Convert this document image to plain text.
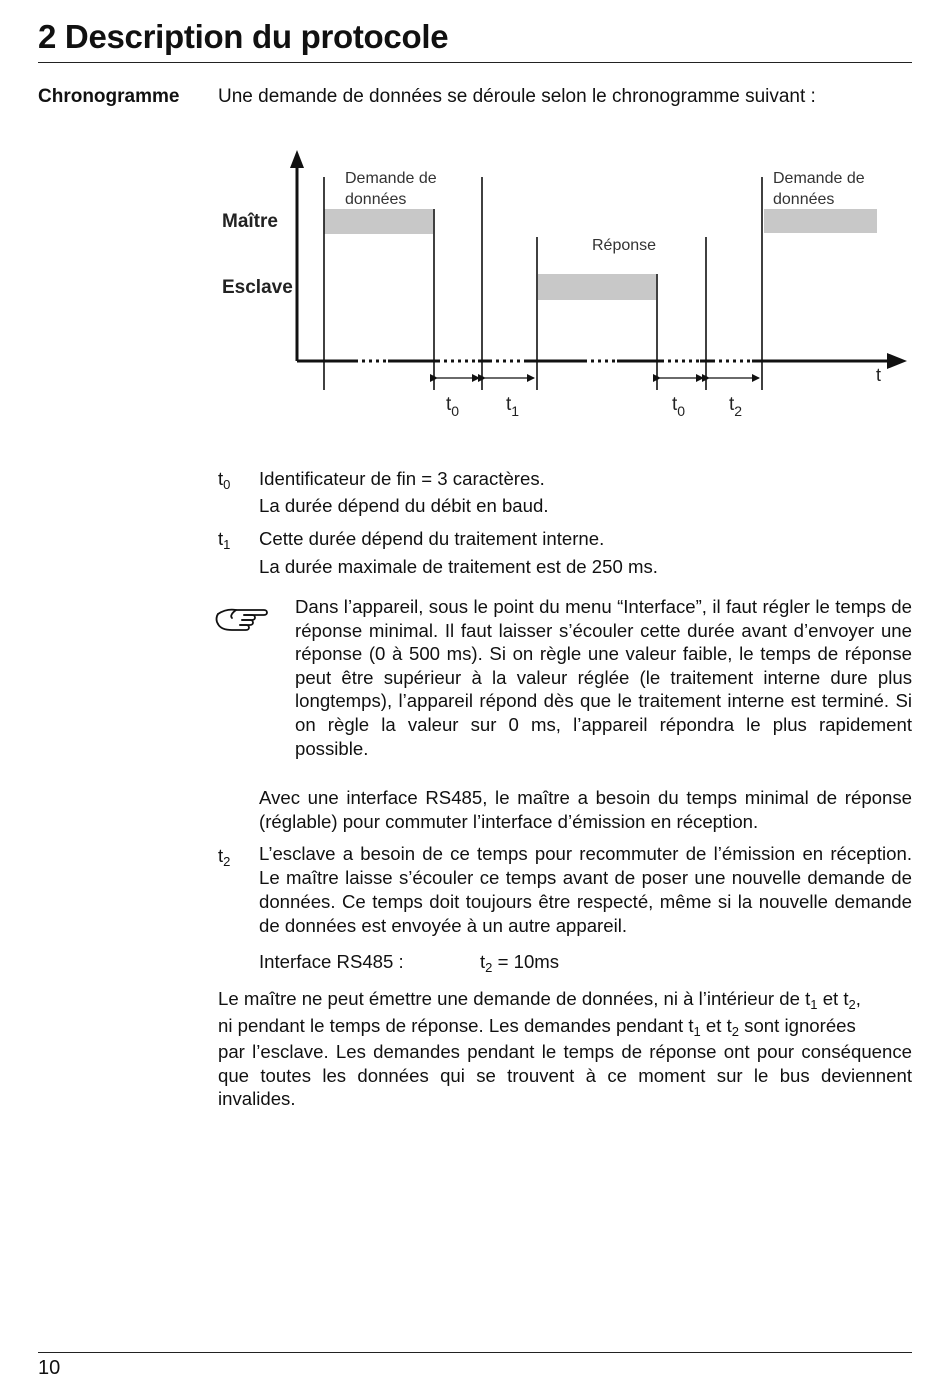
2 Description du protocole
Chronogramme Une demande de données se déroule selon le chronogramme suivant :
Maître
Esclave
Demande de
données
Réponse
Demande de
données
t
$t_0$ $t_1$	$t_0$ $t_2$
$t_0$ Identificateur de fin = 3 caractères.
La durée dépend du débit en baud.
$t_1$ Cette durée dépend du traitement interne.
La durée maximale de traitement est de 250 ms.
Dans l’appareil, sous le point du menu “Interface”, il faut régler le temps de réponse minimal. Il faut laisser s’écouler cette durée avant d’envoyer une réponse (0 à 500 ms). Si on règle une valeur faible, le temps de réponse peut être supérieur à la valeur réglée (le traitement interne dure plus longtemps), l’appareil répond dès que le traitement interne est terminé. Si on règle la valeur sur 0 ms, l’appareil répondra le plus rapidement possible.
Avec une interface RS485, le maître a besoin du temps minimal de réponse (réglable) pour commuter l’interface d’émission en réception.
$t_2$ L’esclave a besoin de ce temps pour recommuter de l’émission en réception. Le maître laisse s’écouler ce temps avant de poser une nouvelle demande de données. Ce temps doit toujours être respecté, même si la nouvelle demande de données est envoyée à un autre appareil.
Interface RS485 :	$t_2 = 10ms$
Le maître ne peut émettre une demande de données, ni à l’intérieur de $t_1$ et $t_2$,
ni pendant le temps de réponse. Les demandes pendant $t_1$ et $t_2$ sont ignorées
par l’esclave. Les demandes pendant le temps de réponse ont pour conséquence que toutes les données qui se trouvent à ce moment sur le bus deviennent invalides.
10
